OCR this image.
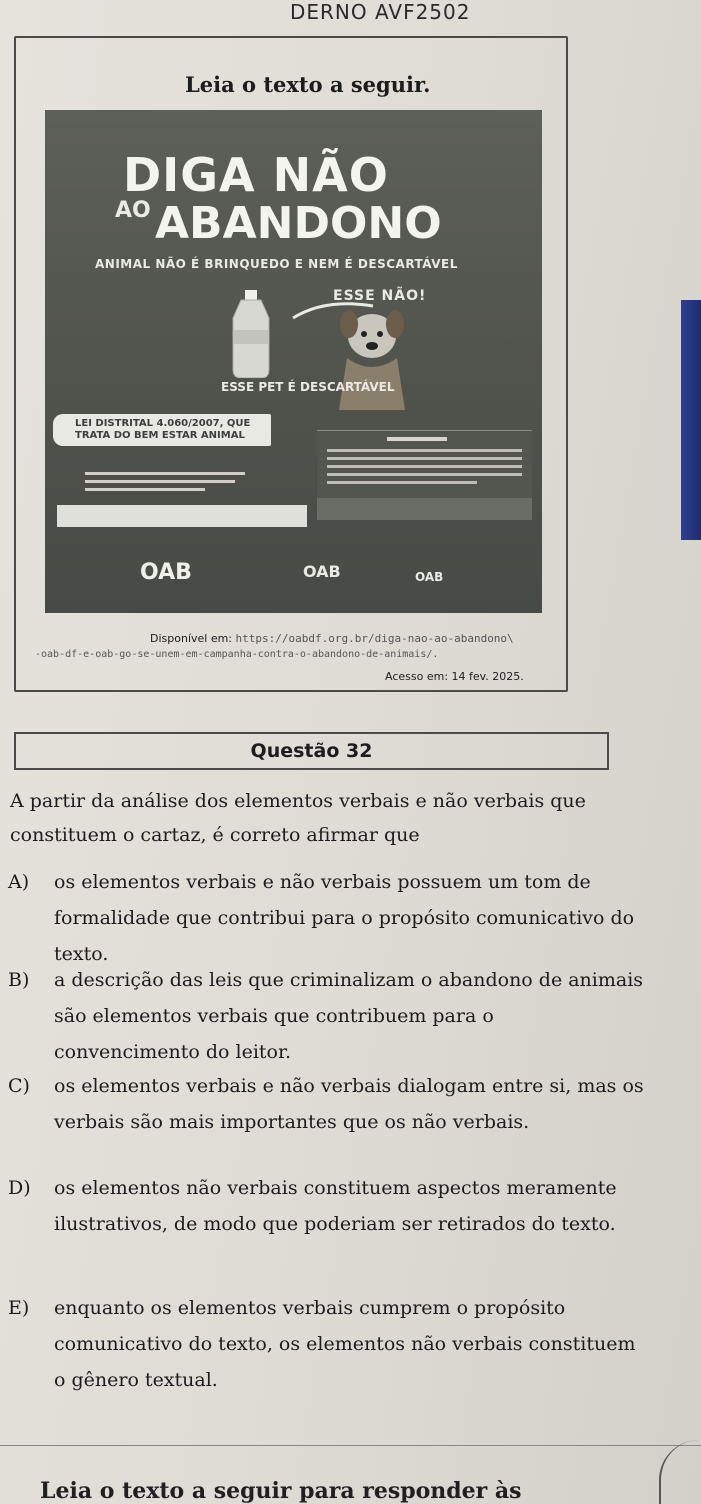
DERNO AVF2502
Leia o texto a seguir.
DIGA NÃO
AO ABANDONO
ANIMAL NÃO É BRINQUEDO E NEM É DESCARTÁVEL
ESSE NÃO!
ESSE PET É DESCARTÁVEL
LEI DISTRITAL 4.060/2007, QUE TRATA DO BEM ESTAR ANIMAL
OAB	OAB	OAB
Disponível em: https://oabdf.org.br/diga-nao-ao-abandono\
-oab-df-e-oab-go-se-unem-em-campanha-contra-o-abandono-de-animais/.
Acesso em: 14 fev. 2025.
Questão 32
A partir da análise dos elementos verbais e não verbais que constituem o cartaz, é correto afirmar que
A) os elementos verbais e não verbais possuem um tom de formalidade que contribui para o propósito comunicativo do texto.
B) a descrição das leis que criminalizam o abandono de animais são elementos verbais que contribuem para o convencimento do leitor.
C) os elementos verbais e não verbais dialogam entre si, mas os verbais são mais importantes que os não verbais.
D) os elementos não verbais constituem aspectos meramente ilustrativos, de modo que poderiam ser retirados do texto.
E) enquanto os elementos verbais cumprem o propósito comunicativo do texto, os elementos não verbais constituem o gênero textual.
Leia o texto a seguir para responder às
